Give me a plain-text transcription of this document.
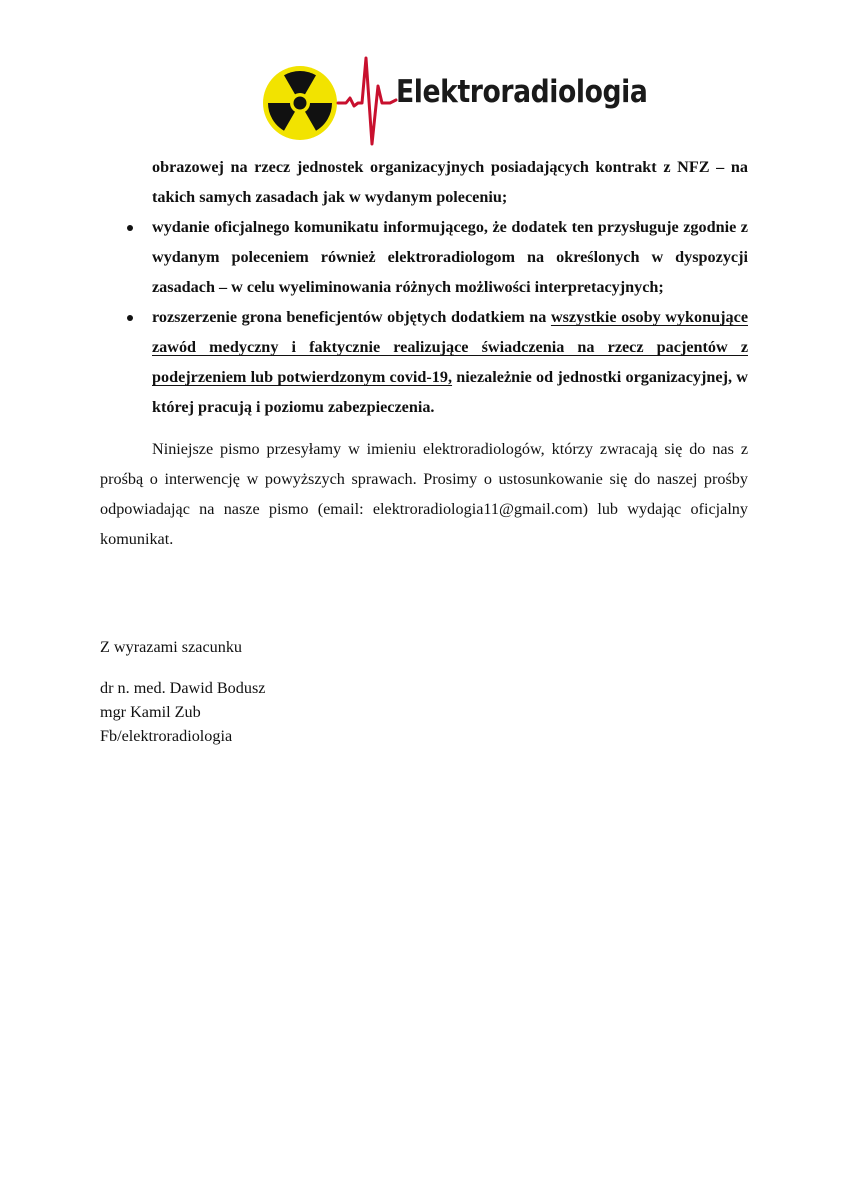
Elektroradiologia

obrazowej na rzecz jednostek organizacyjnych posiadających kontrakt z NFZ – na takich samych zasadach jak w wydanym poleceniu;

wydanie oficjalnego komunikatu informującego, że dodatek ten przysługuje zgodnie z wydanym poleceniem również elektroradiologom na określonych w dyspozycji zasadach – w celu wyeliminowania różnych możliwości interpretacyjnych;
rozszerzenie grona beneficjentów objętych dodatkiem na wszystkie osoby wykonujące zawód medyczny i faktycznie realizujące świadczenia na rzecz pacjentów z podejrzeniem lub potwierdzonym covid-19, niezależnie od jednostki organizacyjnej, w której pracują i poziomu zabezpieczenia.

Niniejsze pismo przesyłamy w imieniu elektroradiologów, którzy zwracają się do nas z prośbą o interwencję w powyższych sprawach. Prosimy o ustosunkowanie się do naszej prośby odpowiadając na nasze pismo (email: elektroradiologia11@gmail.com) lub wydając oficjalny komunikat.

Z wyrazami szacunku
dr n. med. Dawid Bodusz
mgr Kamil Zub
Fb/elektroradiologia
